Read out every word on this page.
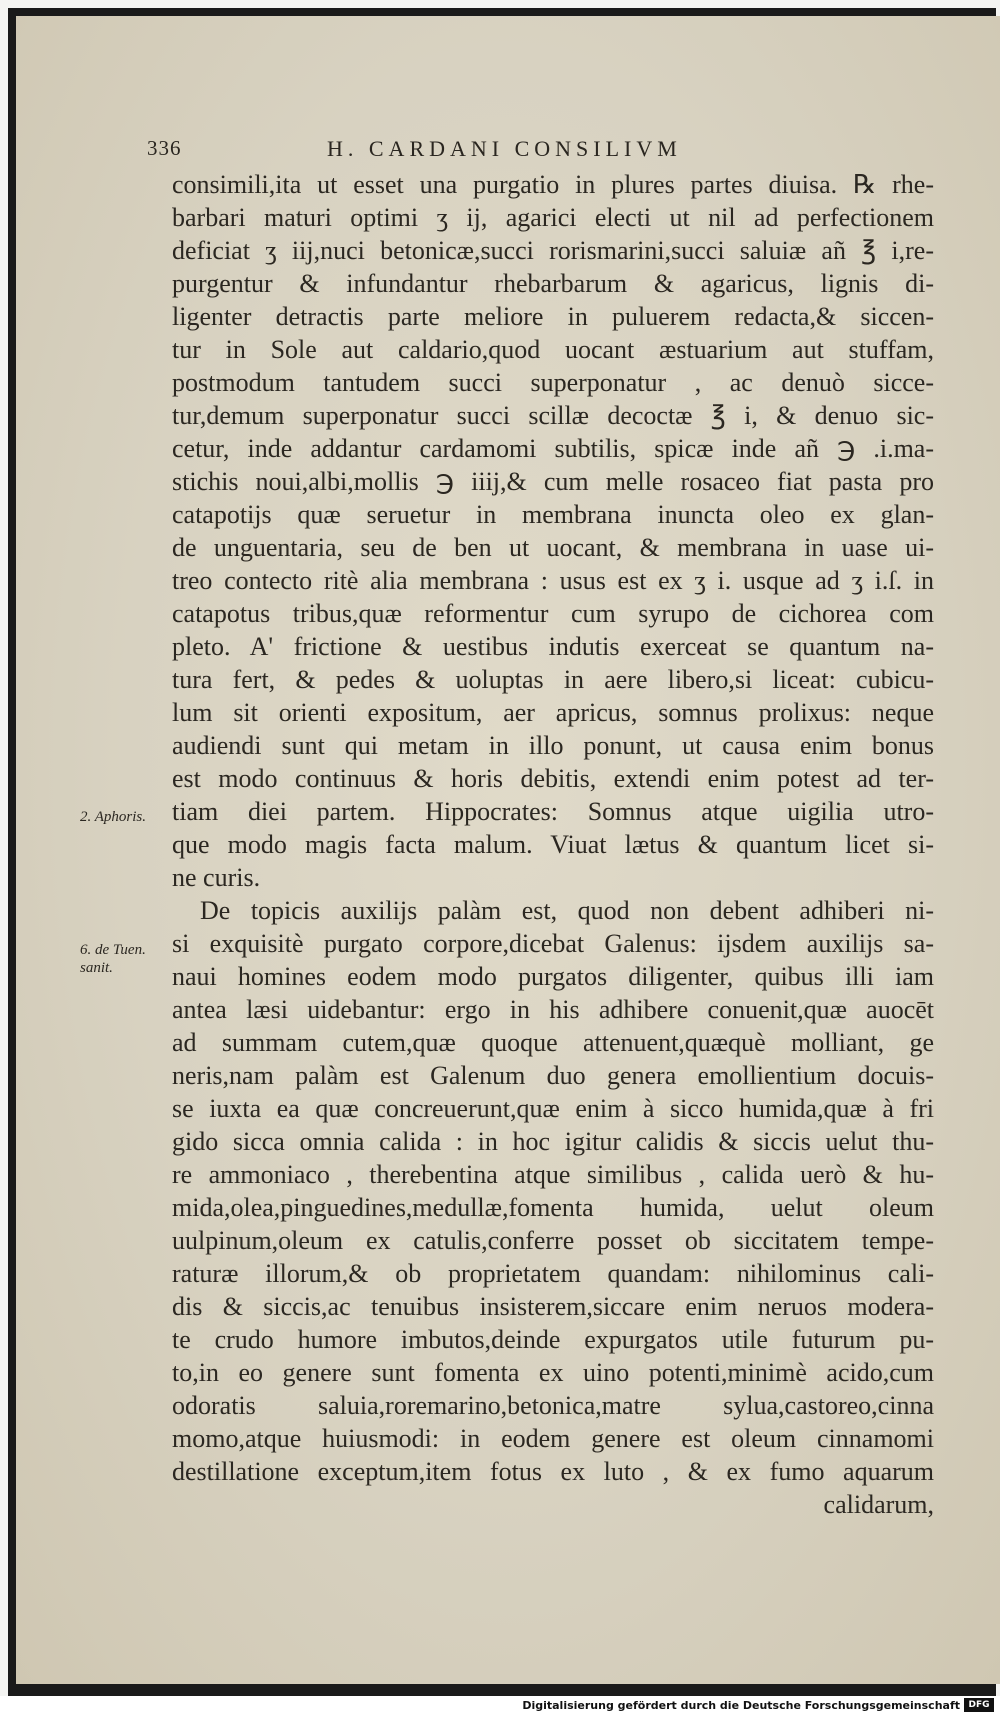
336	H. CARDANI CONSILIVM
2. Aphoris.
6. de Tuen. sanit.
consimili,ita ut esset una purgatio in plures partes diuisa. ℞ rhe-
barbari maturi optimi ʒ ij, agarici electi ut nil ad perfectionem
deficiat ʒ iij,nuci betonicæ,succi rorismarini,succi saluiæ añ ℥ i,re-
purgentur & infundantur rhebarbarum & agaricus, lignis di-
ligenter detractis parte meliore in puluerem redacta,& siccen-
tur in Sole aut caldario,quod uocant æstuarium aut stuffam,
postmodum tantudem succi superponatur , ac denuò sicce-
tur,demum superponatur succi scillæ decoctæ ℥ i, & denuo sic-
cetur, inde addantur cardamomi subtilis, spicæ inde añ ℈ .i.ma-
stichis noui,albi,mollis ℈ iiij,& cum melle rosaceo fiat pasta pro
catapotijs quæ seruetur in membrana inuncta oleo ex glan-
de unguentaria, seu de ben ut uocant, & membrana in uase ui-
treo contecto ritè alia membrana : usus est ex ʒ i. usque ad ʒ i.ſ. in
catapotus tribus,quæ reformentur cum syrupo de cichorea com
pleto. A' frictione & uestibus indutis exerceat se quantum na-
tura fert, & pedes & uoluptas in aere libero,si liceat: cubicu-
lum sit orienti expositum, aer apricus, somnus prolixus: neque
audiendi sunt qui metam in illo ponunt, ut causa enim bonus
est modo continuus & horis debitis, extendi enim potest ad ter-
tiam diei partem. Hippocrates: Somnus atque uigilia utro-
que modo magis facta malum. Viuat lætus & quantum licet si-
ne curis.
De topicis auxilijs palàm est, quod non debent adhiberi ni-
si exquisitè purgato corpore,dicebat Galenus: ijsdem auxilijs sa-
naui homines eodem modo purgatos diligenter, quibus illi iam
antea læsi uidebantur: ergo in his adhibere conuenit,quæ auocēt
ad summam cutem,quæ quoque attenuent,quæquè molliant, ge
neris,nam palàm est Galenum duo genera emollientium docuis-
se iuxta ea quæ concreuerunt,quæ enim à sicco humida,quæ à fri
gido sicca omnia calida : in hoc igitur calidis & siccis uelut thu-
re ammoniaco , therebentina atque similibus , calida uerò & hu-
mida,olea,pinguedines,medullæ,fomenta humida, uelut oleum
uulpinum,oleum ex catulis,conferre posset ob siccitatem tempe-
raturæ illorum,& ob proprietatem quandam: nihilominus cali-
dis & siccis,ac tenuibus insisterem,siccare enim neruos modera-
te crudo humore imbutos,deinde expurgatos utile futurum pu-
to,in eo genere sunt fomenta ex uino potenti,minimè acido,cum
odoratis saluia,roremarino,betonica,matre sylua,castoreo,cinna
momo,atque huiusmodi: in eodem genere est oleum cinnamomi
destillatione exceptum,item fotus ex luto , & ex fumo aquarum
calidarum,
Digitalisierung gefördert durch die Deutsche Forschungsgemeinschaft DFG
